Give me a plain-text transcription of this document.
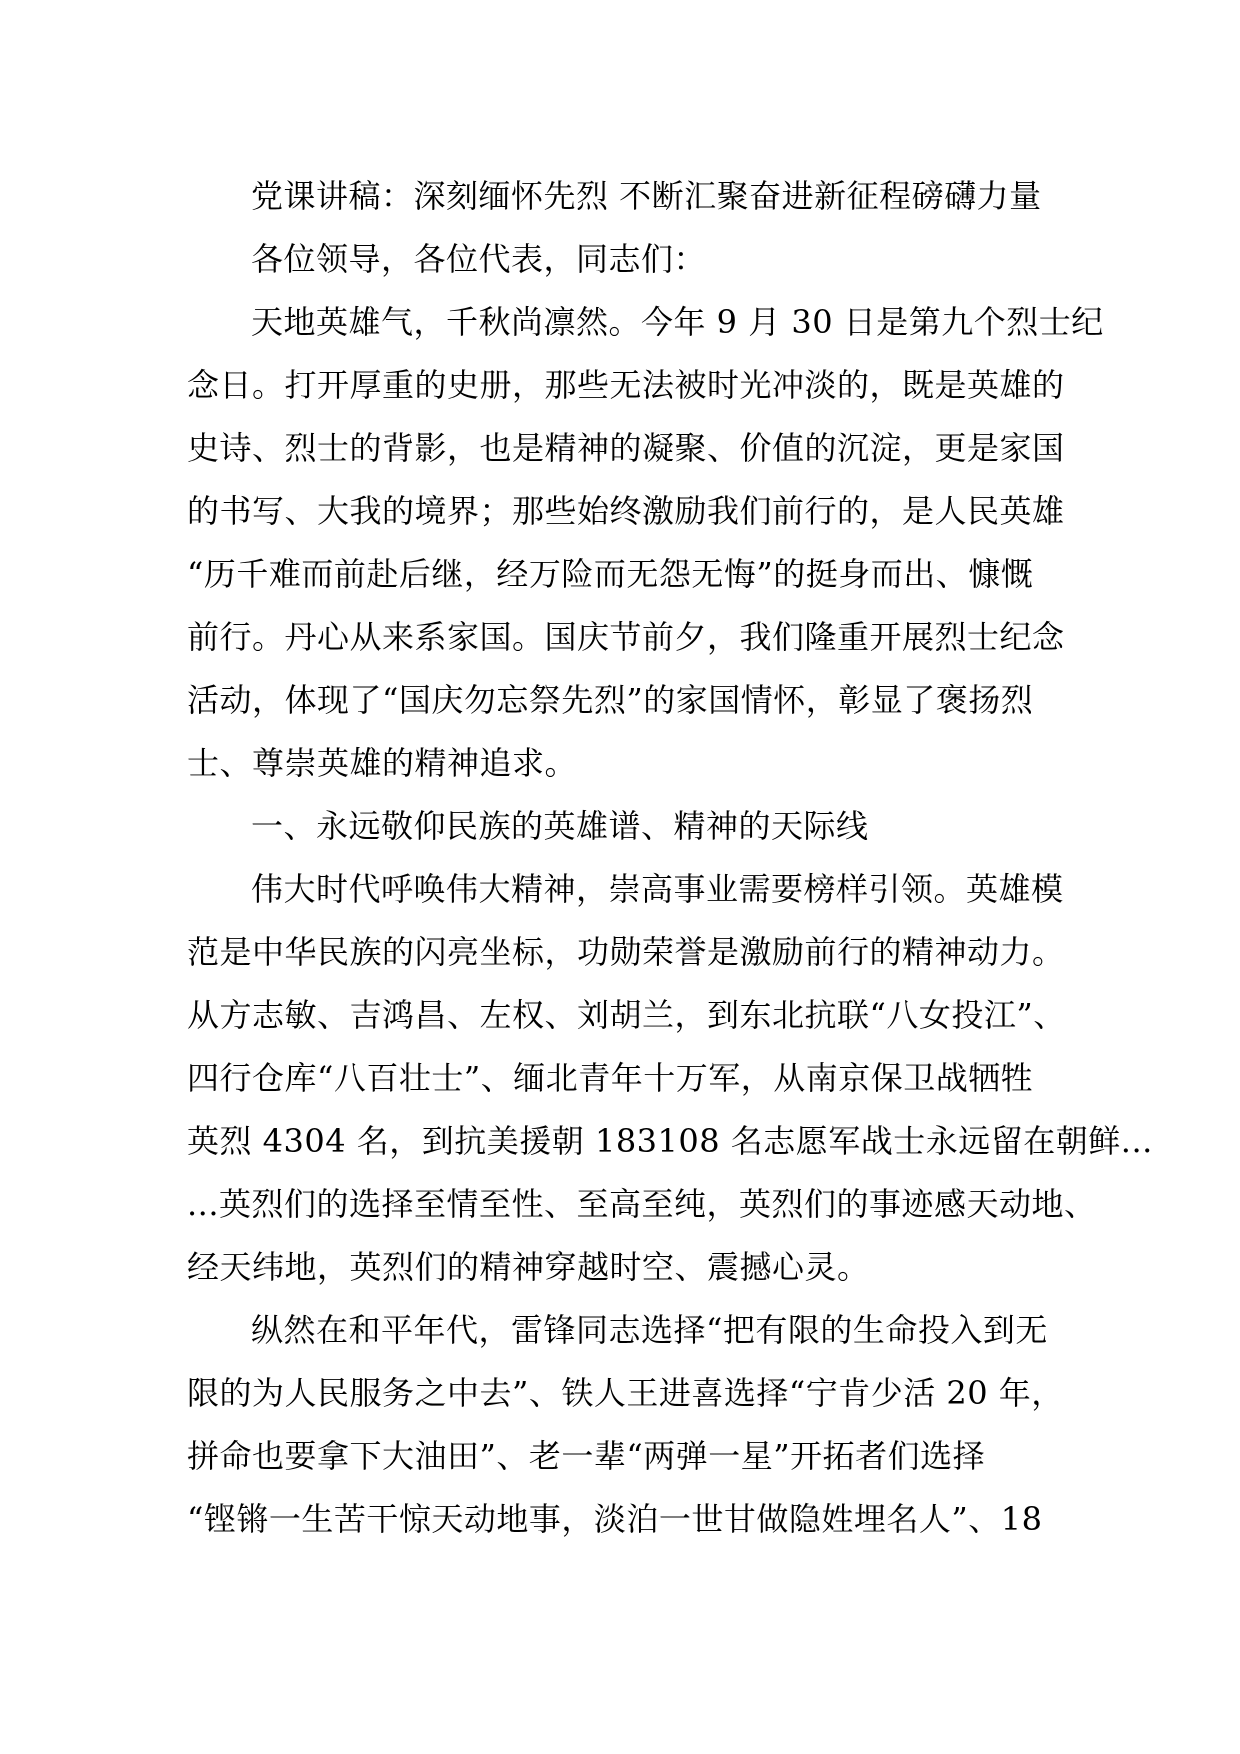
党课讲稿：深刻缅怀先烈 不断汇聚奋进新征程磅礴力量
各位领导，各位代表，同志们：
天地英雄气，千秋尚凛然。今年 9 月 30 日是第九个烈士纪
念日。打开厚重的史册，那些无法被时光冲淡的，既是英雄的
史诗、烈士的背影，也是精神的凝聚、价值的沉淀，更是家国
的书写、大我的境界；那些始终激励我们前行的，是人民英雄
“历千难而前赴后继，经万险而无怨无悔”的挺身而出、慷慨
前行。丹心从来系家国。国庆节前夕，我们隆重开展烈士纪念
活动，体现了“国庆勿忘祭先烈”的家国情怀，彰显了褒扬烈
士、尊崇英雄的精神追求。
一、永远敬仰民族的英雄谱、精神的天际线
伟大时代呼唤伟大精神，崇高事业需要榜样引领。英雄模
范是中华民族的闪亮坐标，功勋荣誉是激励前行的精神动力。
从方志敏、吉鸿昌、左权、刘胡兰，到东北抗联“八女投江”、
四行仓库“八百壮士”、缅北青年十万军，从南京保卫战牺牲
英烈 4304 名，到抗美援朝 183108 名志愿军战士永远留在朝鲜...
...英烈们的选择至情至性、至高至纯，英烈们的事迹感天动地、
经天纬地，英烈们的精神穿越时空、震撼心灵。
纵然在和平年代，雷锋同志选择“把有限的生命投入到无
限的为人民服务之中去”、铁人王进喜选择“宁肯少活 20 年，
拼命也要拿下大油田”、老一辈“两弹一星”开拓者们选择
“铿锵一生苦干惊天动地事，淡泊一世甘做隐姓埋名人”、18
